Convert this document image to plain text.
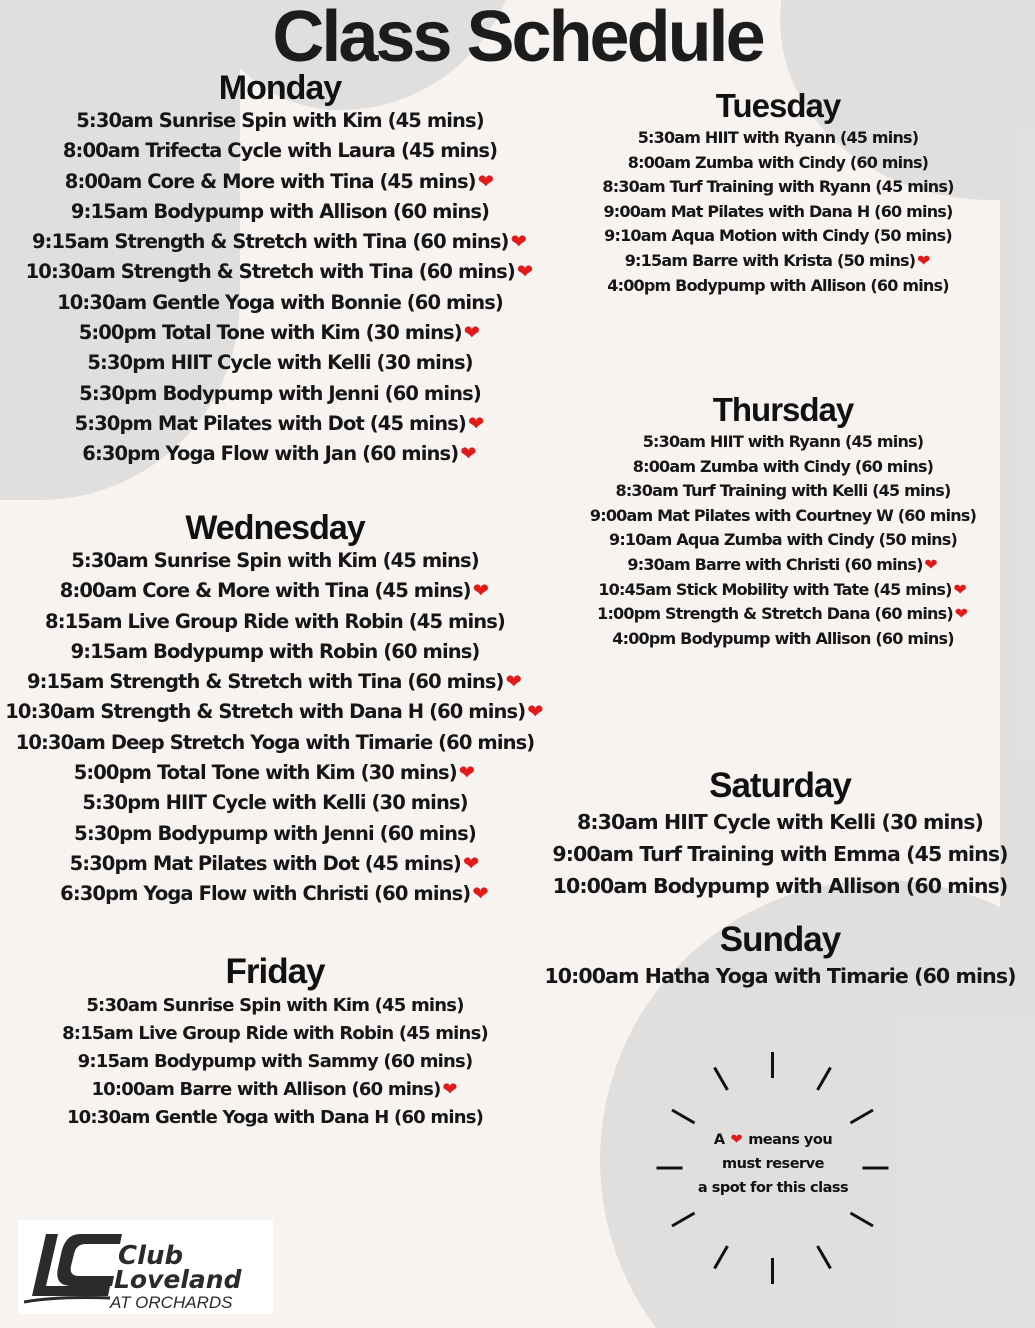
Class Schedule
Monday
5:30am Sunrise Spin with Kim (45 mins)
8:00am Trifecta Cycle with Laura (45 mins)
8:00am Core & More with Tina (45 mins)❤
9:15am Bodypump with Allison (60 mins)
9:15am Strength & Stretch with Tina (60 mins)❤
10:30am Strength & Stretch with Tina (60 mins)❤
10:30am Gentle Yoga with Bonnie (60 mins)
5:00pm Total Tone with Kim (30 mins)❤
5:30pm HIIT Cycle with Kelli (30 mins)
5:30pm Bodypump with Jenni (60 mins)
5:30pm Mat Pilates with Dot (45 mins)❤
6:30pm Yoga Flow with Jan (60 mins)❤
Tuesday
5:30am HIIT with Ryann (45 mins)
8:00am Zumba with Cindy (60 mins)
8:30am Turf Training with Ryann (45 mins)
9:00am Mat Pilates with Dana H (60 mins)
9:10am Aqua Motion with Cindy (50 mins)
9:15am Barre with Krista (50 mins)❤
4:00pm Bodypump with Allison (60 mins)
Wednesday
5:30am Sunrise Spin with Kim (45 mins)
8:00am Core & More with Tina (45 mins)❤
8:15am Live Group Ride with Robin (45 mins)
9:15am Bodypump with Robin (60 mins)
9:15am Strength & Stretch with Tina (60 mins)❤
10:30am Strength & Stretch with Dana H (60 mins)❤
10:30am Deep Stretch Yoga with Timarie (60 mins)
5:00pm Total Tone with Kim (30 mins)❤
5:30pm HIIT Cycle with Kelli (30 mins)
5:30pm Bodypump with Jenni (60 mins)
5:30pm Mat Pilates with Dot (45 mins)❤
6:30pm Yoga Flow with Christi (60 mins)❤
Thursday
5:30am HIIT with Ryann (45 mins)
8:00am Zumba with Cindy (60 mins)
8:30am Turf Training with Kelli (45 mins)
9:00am Mat Pilates with Courtney W (60 mins)
9:10am Aqua Zumba with Cindy (50 mins)
9:30am Barre with Christi (60 mins)❤
10:45am Stick Mobility with Tate (45 mins)❤
1:00pm Strength & Stretch Dana (60 mins)❤
4:00pm Bodypump with Allison (60 mins)
Friday
5:30am Sunrise Spin with Kim (45 mins)
8:15am Live Group Ride with Robin (45 mins)
9:15am Bodypump with Sammy (60 mins)
10:00am Barre with Allison (60 mins)❤
10:30am Gentle Yoga with Dana H (60 mins)
Saturday
8:30am HIIT Cycle with Kelli (30 mins)
9:00am Turf Training with Emma (45 mins)
10:00am Bodypump with Allison (60 mins)
Sunday
10:00am Hatha Yoga with Timarie (60 mins)
A ❤ means you
must reserve
a spot for this class
Club
Loveland
AT ORCHARDS
